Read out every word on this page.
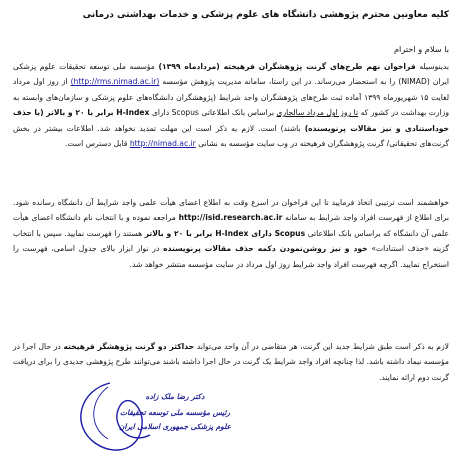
کلیه معاونین محترم پژوهشی دانشگاه های علوم پزشکی و خدمات بهداشتی درمانی
با سلام و احترام
بدینوسیله فراخوان نهم طرح‌های گرنت پژوهشگران فرهیخته (مردادماه ۱۳۹۹) مؤسسه ملی توسعه تحقیقات علوم پزشکی ایران (NIMAD) را به استحضار می‌رساند. در این راستا، سامانه مدیریت پژوهش مؤسسه (http://rms.nimad.ac.ir) از روز اول مرداد لغایت ۱۵ شهریورماه ۱۳۹۹ آماده ثبت طرح‌های پژوهشگران واجد شرایط (پژوهشگران دانشگاه‌های علوم پزشکی و سازمان‌های وابسته به وزارت بهداشت در کشور که تا روز اول مرداد سالجاری براساس بانک اطلاعاتی Scopus دارای H-Index برابر با ۲۰ و بالاتر (با حذف خوداستنادی و نیز مقالات پرنویسنده) باشند) است. لازم به ذکر است این مهلت تمدید نخواهد شد. اطلاعات بیشتر در بخش گرنت‌های تحقیقاتی/ گرنت پژوهشگران فرهیخته در وب سایت مؤسسه به نشانی http://nimad.ac.ir قابل دسترس است.
خواهشمند است ترتیبی اتخاذ فرمایید تا این فراخوان در اسرع وقت به اطلاع اعضای هیأت علمی واجد شرایط آن دانشگاه رسانده شود. برای اطلاع از فهرست افراد واجد شرایط به سامانه http://isid.research.ac.ir مراجعه نموده و با انتخاب نام دانشگاه اعضای هیأت علمی آن دانشگاه که براساس بانک اطلاعاتی Scopus دارای H-Index برابر با ۲۰ و بالاتر هستند را فهرست نمایید. سپس با انتخاب گزینه «حذف استنادات» خود و نیز روشن‌نمودن دکمه حذف مقالات پرنویسنده در نوار ابزار بالای جدول اسامی، فهرست را استخراج نمایید. اگرچه فهرست افراد واجد شرایط روز اول مرداد در سایت مؤسسه منتشر خواهد شد.
لازم به ذکر است طبق شرایط جدید این گرنت، هر متقاضی در آن واحد می‌تواند حداکثر دو گرنت پژوهشگر فرهیخته در حال اجرا در مؤسسه نیماد داشته باشد. لذا چنانچه افراد واجد شرایط یک گرنت در حال اجرا داشته باشند می‌توانند طرح پژوهشی جدیدی را برای دریافت گرنت دوم ارائه نمایند.
دکتر رضا ملک زاده
رئیس مؤسسه ملی توسعه تحقیقات
علوم پزشکی جمهوری اسلامی ایران
